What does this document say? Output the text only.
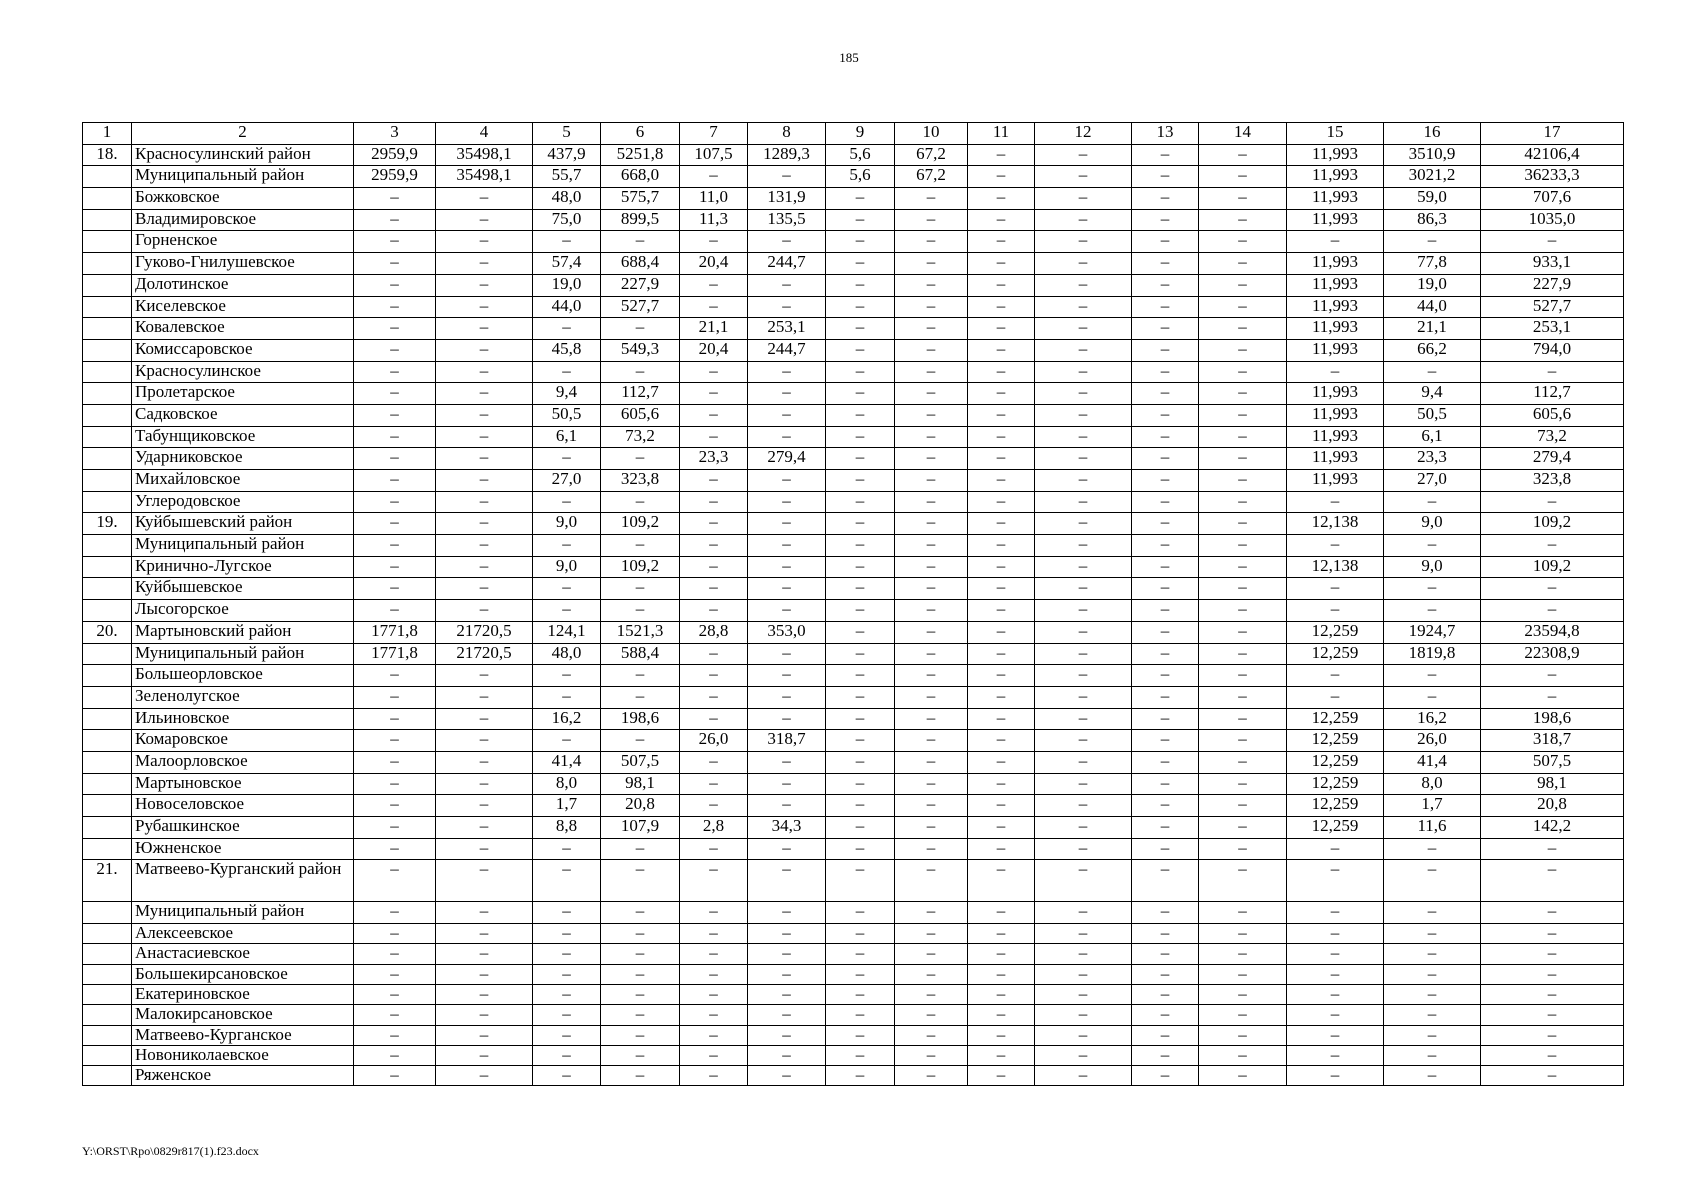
185
1	2	3	4	5	6	7	8	9	10	11	12	13	14	15	16	17
18.	Красносулинский район	2959,9	35498,1	437,9	5251,8	107,5	1289,3	5,6	67,2	–	–	–	–	11,993	3510,9	42106,4
	Муниципальный район	2959,9	35498,1	55,7	668,0	–	–	5,6	67,2	–	–	–	–	11,993	3021,2	36233,3
	Божковское	–	–	48,0	575,7	11,0	131,9	–	–	–	–	–	–	11,993	59,0	707,6
	Владимировское	–	–	75,0	899,5	11,3	135,5	–	–	–	–	–	–	11,993	86,3	1035,0
	Горненское	–	–	–	–	–	–	–	–	–	–	–	–	–	–	–
	Гуково-Гнилушевское	–	–	57,4	688,4	20,4	244,7	–	–	–	–	–	–	11,993	77,8	933,1
	Долотинское	–	–	19,0	227,9	–	–	–	–	–	–	–	–	11,993	19,0	227,9
	Киселевское	–	–	44,0	527,7	–	–	–	–	–	–	–	–	11,993	44,0	527,7
	Ковалевское	–	–	–	–	21,1	253,1	–	–	–	–	–	–	11,993	21,1	253,1
	Комиссаровское	–	–	45,8	549,3	20,4	244,7	–	–	–	–	–	–	11,993	66,2	794,0
	Красносулинское	–	–	–	–	–	–	–	–	–	–	–	–	–	–	–
	Пролетарское	–	–	9,4	112,7	–	–	–	–	–	–	–	–	11,993	9,4	112,7
	Садковское	–	–	50,5	605,6	–	–	–	–	–	–	–	–	11,993	50,5	605,6
	Табунщиковское	–	–	6,1	73,2	–	–	–	–	–	–	–	–	11,993	6,1	73,2
	Ударниковское	–	–	–	–	23,3	279,4	–	–	–	–	–	–	11,993	23,3	279,4
	Михайловское	–	–	27,0	323,8	–	–	–	–	–	–	–	–	11,993	27,0	323,8
	Углеродовское	–	–	–	–	–	–	–	–	–	–	–	–	–	–	–
19.	Куйбышевский район	–	–	9,0	109,2	–	–	–	–	–	–	–	–	12,138	9,0	109,2
	Муниципальный район	–	–	–	–	–	–	–	–	–	–	–	–	–	–	–
	Кринично-Лугское	–	–	9,0	109,2	–	–	–	–	–	–	–	–	12,138	9,0	109,2
	Куйбышевское	–	–	–	–	–	–	–	–	–	–	–	–	–	–	–
	Лысогорское	–	–	–	–	–	–	–	–	–	–	–	–	–	–	–
20.	Мартыновский район	1771,8	21720,5	124,1	1521,3	28,8	353,0	–	–	–	–	–	–	12,259	1924,7	23594,8
	Муниципальный район	1771,8	21720,5	48,0	588,4	–	–	–	–	–	–	–	–	12,259	1819,8	22308,9
	Большеорловское	–	–	–	–	–	–	–	–	–	–	–	–	–	–	–
	Зеленолугское	–	–	–	–	–	–	–	–	–	–	–	–	–	–	–
	Ильиновское	–	–	16,2	198,6	–	–	–	–	–	–	–	–	12,259	16,2	198,6
	Комаровское	–	–	–	–	26,0	318,7	–	–	–	–	–	–	12,259	26,0	318,7
	Малоорловское	–	–	41,4	507,5	–	–	–	–	–	–	–	–	12,259	41,4	507,5
	Мартыновское	–	–	8,0	98,1	–	–	–	–	–	–	–	–	12,259	8,0	98,1
	Новоселовское	–	–	1,7	20,8	–	–	–	–	–	–	–	–	12,259	1,7	20,8
	Рубашкинское	–	–	8,8	107,9	2,8	34,3	–	–	–	–	–	–	12,259	11,6	142,2
	Южненское	–	–	–	–	–	–	–	–	–	–	–	–	–	–	–
21.	Матвеево-Курганский район	–	–	–	–	–	–	–	–	–	–	–	–	–	–	–
	Муниципальный район	–	–	–	–	–	–	–	–	–	–	–	–	–	–	–
	Алексеевское	–	–	–	–	–	–	–	–	–	–	–	–	–	–	–
	Анастасиевское	–	–	–	–	–	–	–	–	–	–	–	–	–	–	–
	Большекирсановское	–	–	–	–	–	–	–	–	–	–	–	–	–	–	–
	Екатериновское	–	–	–	–	–	–	–	–	–	–	–	–	–	–	–
	Малокирсановское	–	–	–	–	–	–	–	–	–	–	–	–	–	–	–
	Матвеево-Курганское	–	–	–	–	–	–	–	–	–	–	–	–	–	–	–
	Новониколаевское	–	–	–	–	–	–	–	–	–	–	–	–	–	–	–
	Ряженское	–	–	–	–	–	–	–	–	–	–	–	–	–	–	–
Y:\ORST\Rpo\0829r817(1).f23.docx
